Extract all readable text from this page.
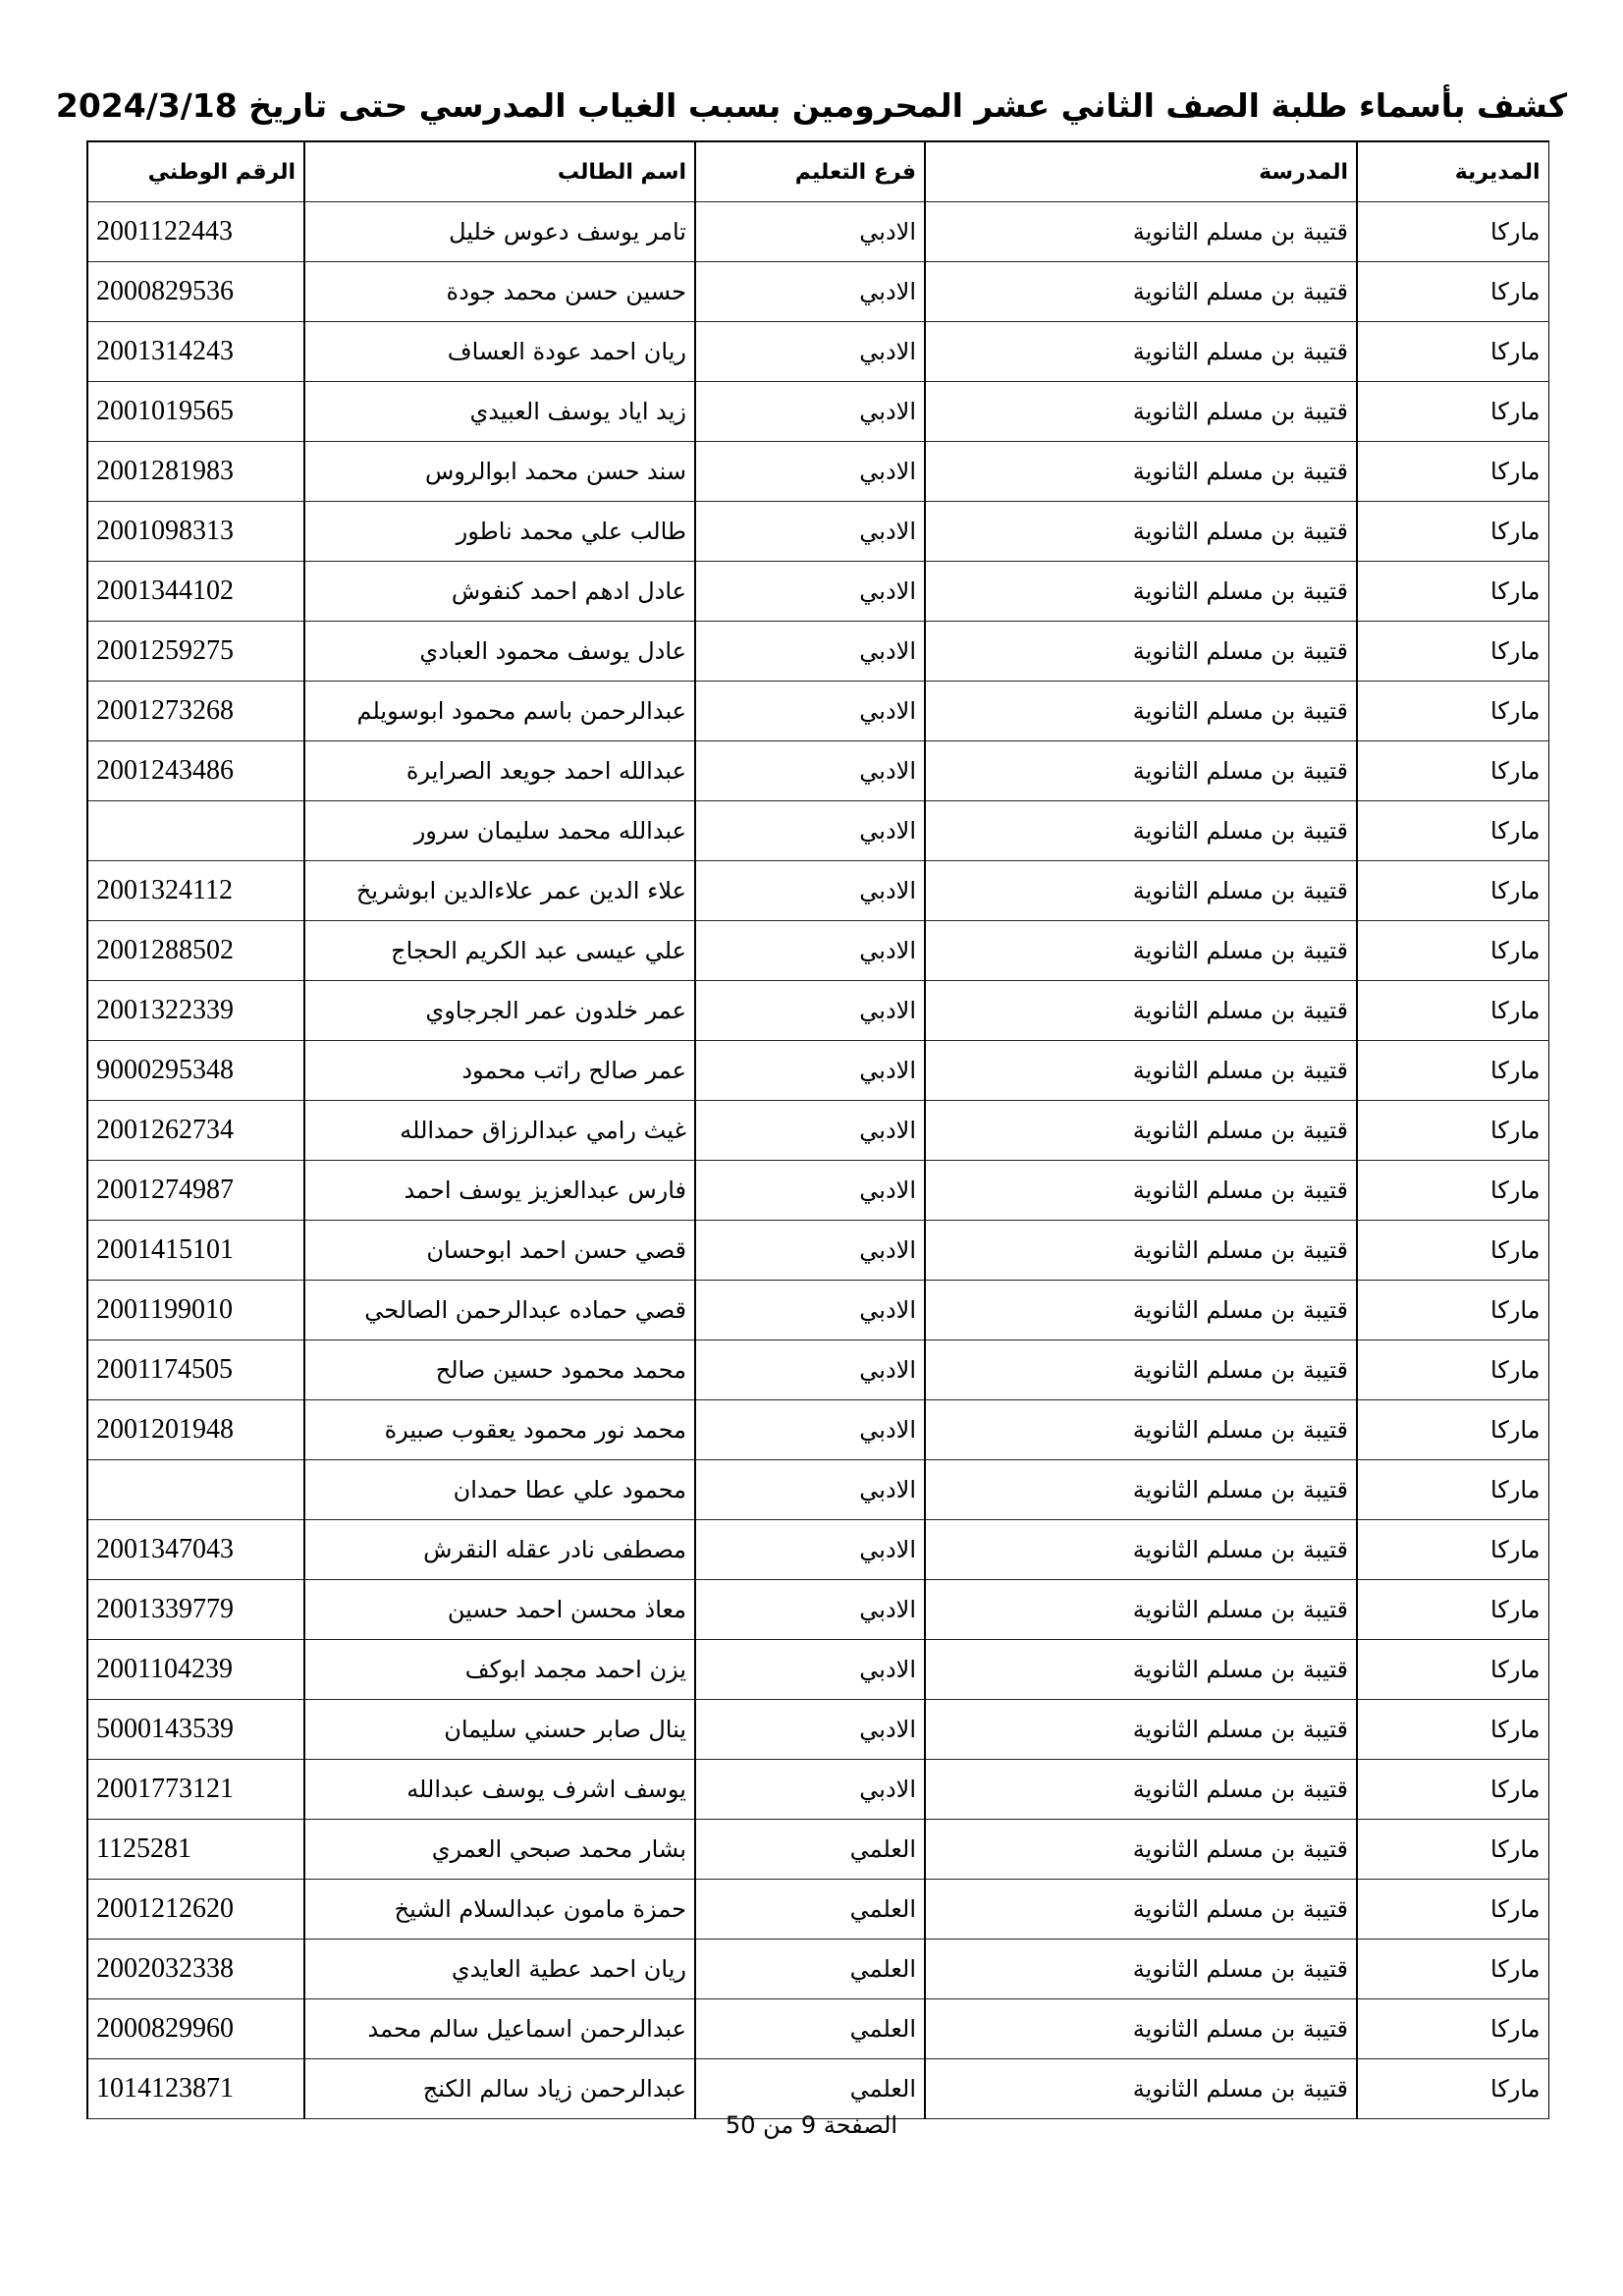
كشف بأسماء طلبة الصف الثاني عشر المحرومين بسبب الغياب المدرسي حتى تاريخ 2024/3/18
المديرية	المدرسة	فرع التعليم	اسم الطالب	الرقم الوطني
ماركا	قتيبة بن مسلم الثانوية	الادبي	تامر يوسف دعوس خليل	2001122443
ماركا	قتيبة بن مسلم الثانوية	الادبي	حسين حسن محمد جودة	2000829536
ماركا	قتيبة بن مسلم الثانوية	الادبي	ريان احمد عودة العساف	2001314243
ماركا	قتيبة بن مسلم الثانوية	الادبي	زيد اياد يوسف العبيدي	2001019565
ماركا	قتيبة بن مسلم الثانوية	الادبي	سند حسن محمد ابوالروس	2001281983
ماركا	قتيبة بن مسلم الثانوية	الادبي	طالب علي محمد ناطور	2001098313
ماركا	قتيبة بن مسلم الثانوية	الادبي	عادل ادهم احمد كنفوش	2001344102
ماركا	قتيبة بن مسلم الثانوية	الادبي	عادل يوسف محمود العبادي	2001259275
ماركا	قتيبة بن مسلم الثانوية	الادبي	عبدالرحمن باسم محمود ابوسويلم	2001273268
ماركا	قتيبة بن مسلم الثانوية	الادبي	عبدالله احمد جويعد الصرايرة	2001243486
ماركا	قتيبة بن مسلم الثانوية	الادبي	عبدالله محمد سليمان سرور	
ماركا	قتيبة بن مسلم الثانوية	الادبي	علاء الدين عمر علاءالدين ابوشريخ	2001324112
ماركا	قتيبة بن مسلم الثانوية	الادبي	علي عيسى عبد الكريم الحجاج	2001288502
ماركا	قتيبة بن مسلم الثانوية	الادبي	عمر خلدون عمر الجرجاوي	2001322339
ماركا	قتيبة بن مسلم الثانوية	الادبي	عمر صالح راتب محمود	9000295348
ماركا	قتيبة بن مسلم الثانوية	الادبي	غيث رامي عبدالرزاق حمدالله	2001262734
ماركا	قتيبة بن مسلم الثانوية	الادبي	فارس عبدالعزيز يوسف احمد	2001274987
ماركا	قتيبة بن مسلم الثانوية	الادبي	قصي حسن احمد ابوحسان	2001415101
ماركا	قتيبة بن مسلم الثانوية	الادبي	قصي حماده عبدالرحمن الصالحي	2001199010
ماركا	قتيبة بن مسلم الثانوية	الادبي	محمد محمود حسين صالح	2001174505
ماركا	قتيبة بن مسلم الثانوية	الادبي	محمد نور محمود يعقوب صبيرة	2001201948
ماركا	قتيبة بن مسلم الثانوية	الادبي	محمود علي عطا حمدان	
ماركا	قتيبة بن مسلم الثانوية	الادبي	مصطفى نادر عقله النقرش	2001347043
ماركا	قتيبة بن مسلم الثانوية	الادبي	معاذ محسن احمد حسين	2001339779
ماركا	قتيبة بن مسلم الثانوية	الادبي	يزن احمد مجمد ابوكف	2001104239
ماركا	قتيبة بن مسلم الثانوية	الادبي	ينال صابر حسني سليمان	5000143539
ماركا	قتيبة بن مسلم الثانوية	الادبي	يوسف اشرف يوسف عبدالله	2001773121
ماركا	قتيبة بن مسلم الثانوية	العلمي	بشار محمد صبحي العمري	1125281
ماركا	قتيبة بن مسلم الثانوية	العلمي	حمزة مامون عبدالسلام الشيخ	2001212620
ماركا	قتيبة بن مسلم الثانوية	العلمي	ريان احمد عطية العايدي	2002032338
ماركا	قتيبة بن مسلم الثانوية	العلمي	عبدالرحمن اسماعيل سالم محمد	2000829960
ماركا	قتيبة بن مسلم الثانوية	العلمي	عبدالرحمن زياد سالم الكنج	1014123871
الصفحة 9 من 50
